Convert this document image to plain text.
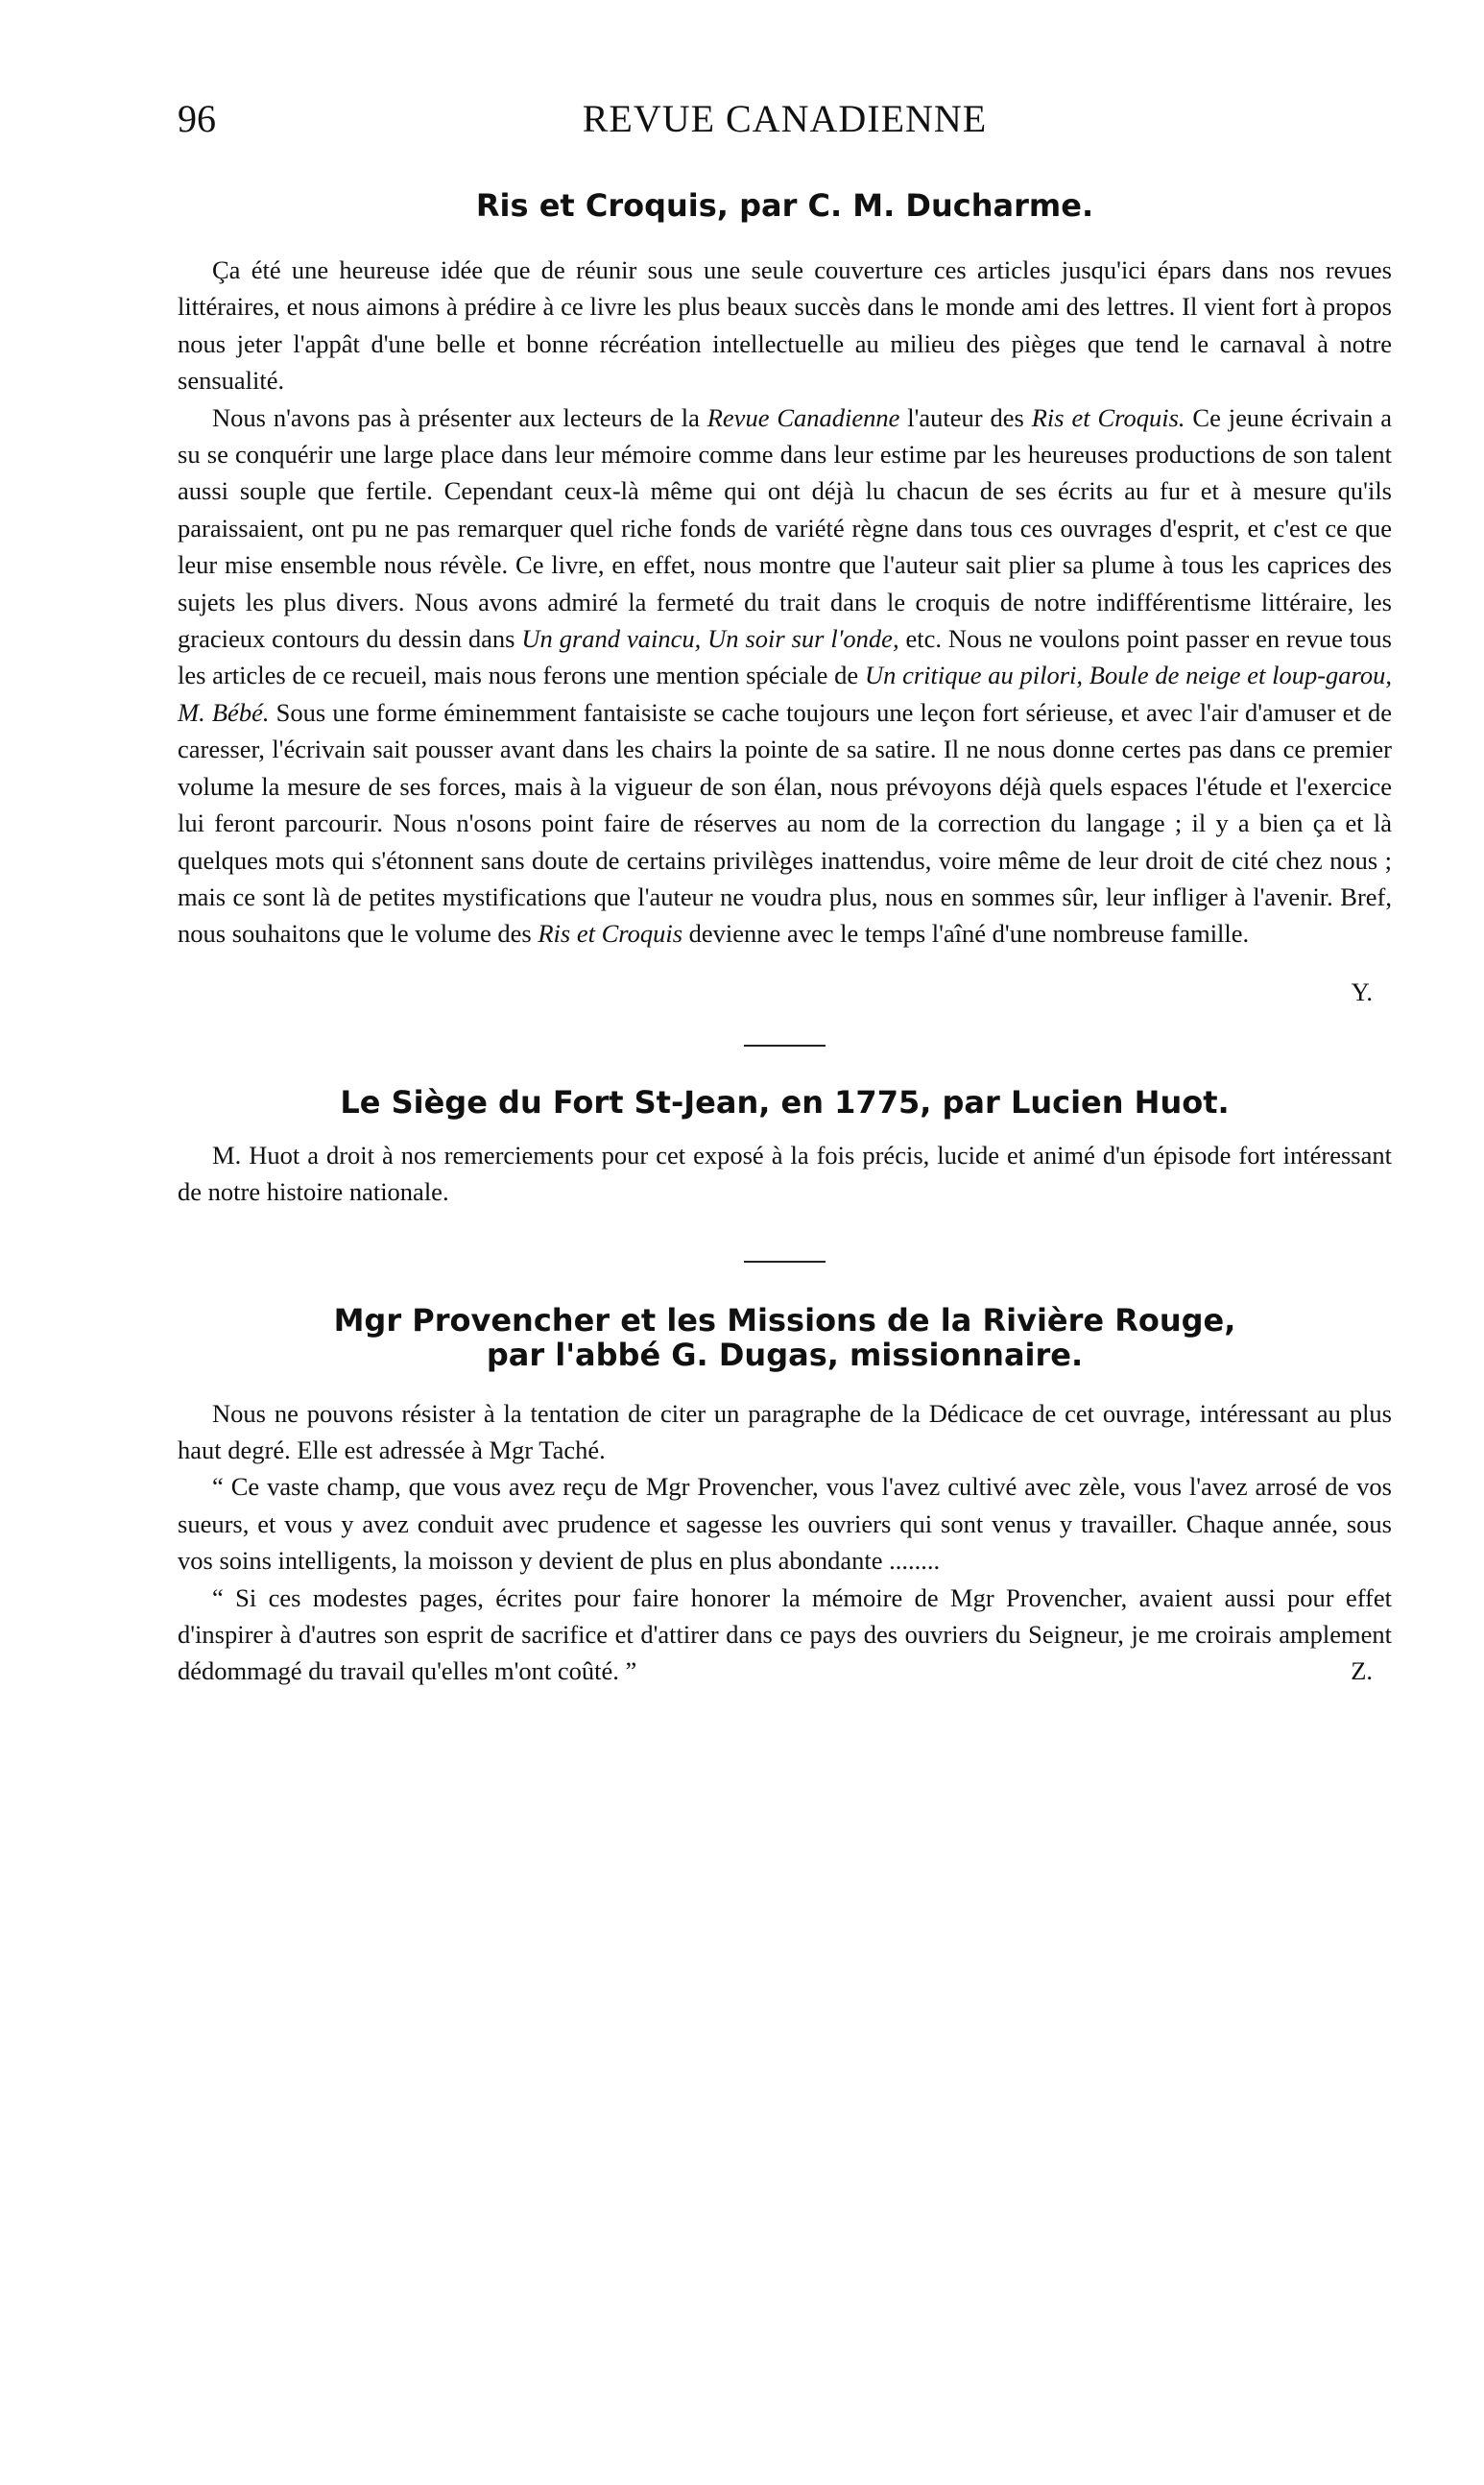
96	REVUE CANADIENNE
Ris et Croquis, par C. M. Ducharme.

Ça été une heureuse idée que de réunir sous une seule couverture ces articles jusqu'ici épars dans nos revues littéraires, et nous aimons à prédire à ce livre les plus beaux succès dans le monde ami des lettres. Il vient fort à propos nous jeter l'appât d'une belle et bonne récréation intellectuelle au milieu des pièges que tend le carnaval à notre sensualité.

Nous n'avons pas à présenter aux lecteurs de la Revue Canadienne l'auteur des Ris et Croquis. Ce jeune écrivain a su se conquérir une large place dans leur mémoire comme dans leur estime par les heureuses productions de son talent aussi souple que fertile. Cependant ceux-là même qui ont déjà lu chacun de ses écrits au fur et à mesure qu'ils paraissaient, ont pu ne pas remarquer quel riche fonds de variété règne dans tous ces ouvrages d'esprit, et c'est ce que leur mise ensemble nous révèle. Ce livre, en effet, nous montre que l'auteur sait plier sa plume à tous les caprices des sujets les plus divers. Nous avons admiré la fermeté du trait dans le croquis de notre indifférentisme littéraire, les gracieux contours du dessin dans Un grand vaincu, Un soir sur l'onde, etc. Nous ne voulons point passer en revue tous les articles de ce recueil, mais nous ferons une mention spéciale de Un critique au pilori, Boule de neige et loup-garou, M. Bébé. Sous une forme éminemment fantaisiste se cache toujours une leçon fort sérieuse, et avec l'air d'amuser et de caresser, l'écrivain sait pousser avant dans les chairs la pointe de sa satire. Il ne nous donne certes pas dans ce premier volume la mesure de ses forces, mais à la vigueur de son élan, nous prévoyons déjà quels espaces l'étude et l'exercice lui feront parcourir. Nous n'osons point faire de réserves au nom de la correction du langage ; il y a bien ça et là quelques mots qui s'étonnent sans doute de certains privilèges inattendus, voire même de leur droit de cité chez nous ; mais ce sont là de petites mystifications que l'auteur ne voudra plus, nous en sommes sûr, leur infliger à l'avenir. Bref, nous souhaitons que le volume des Ris et Croquis devienne avec le temps l'aîné d'une nombreuse famille.

Y.

Le Siège du Fort St-Jean, en 1775, par Lucien Huot.

M. Huot a droit à nos remerciements pour cet exposé à la fois précis, lucide et animé d'un épisode fort intéressant de notre histoire nationale.

Mgr Provencher et les Missions de la Rivière Rouge,
par l'abbé G. Dugas, missionnaire.

Nous ne pouvons résister à la tentation de citer un paragraphe de la Dédicace de cet ouvrage, intéressant au plus haut degré. Elle est adressée à Mgr Taché.

“ Ce vaste champ, que vous avez reçu de Mgr Provencher, vous l'avez cultivé avec zèle, vous l'avez arrosé de vos sueurs, et vous y avez conduit avec prudence et sagesse les ouvriers qui sont venus y travailler. Chaque année, sous vos soins intelligents, la moisson y devient de plus en plus abondante ........

“ Si ces modestes pages, écrites pour faire honorer la mémoire de Mgr Provencher, avaient aussi pour effet d'inspirer à d'autres son esprit de sacrifice et d'attirer dans ce pays des ouvriers du Seigneur, je me croirais amplement dédommagé du travail qu'elles m'ont coûté. ”	Z.
